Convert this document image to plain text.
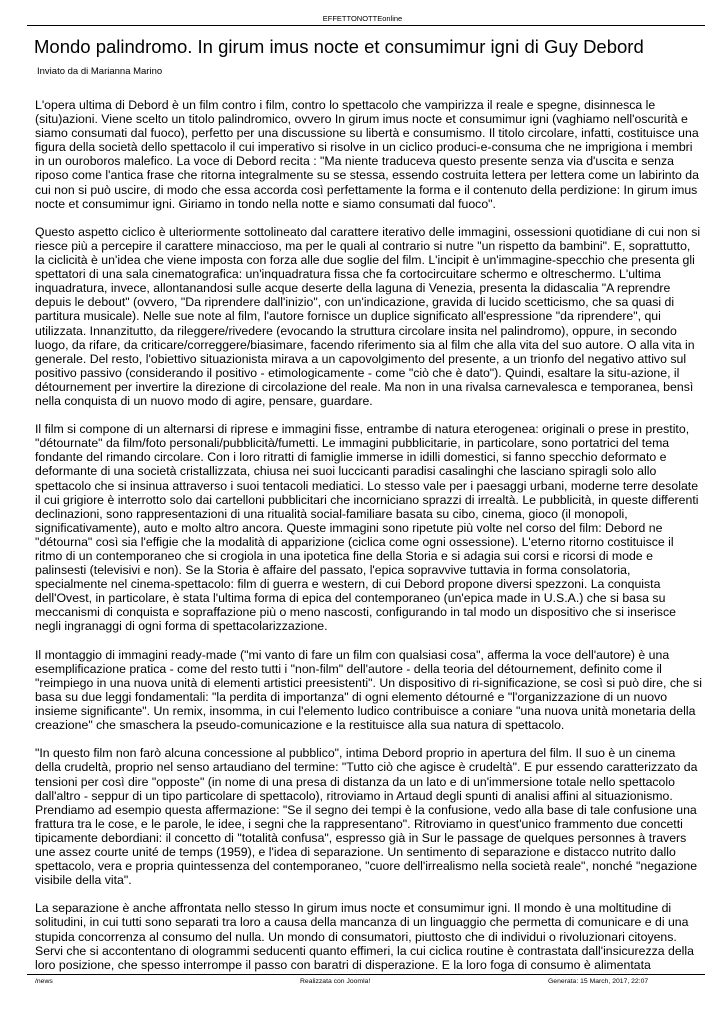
EFFETTONOTTEonline
Mondo palindromo. In girum imus nocte et consumimur igni di Guy Debord
Inviato da di Marianna Marino

L'opera ultima di Debord è un film contro i film, contro lo spettacolo che vampirizza il reale e spegne, disinnesca le (situ)azioni. Viene scelto un titolo palindromico, ovvero In girum imus nocte et consumimur igni (vaghiamo nell'oscurità e siamo consumati dal fuoco), perfetto per una discussione su libertà e consumismo. Il titolo circolare, infatti, costituisce una figura della società dello spettacolo il cui imperativo si risolve in un ciclico produci-e-consuma che ne imprigiona i membri in un ouroboros malefico. La voce di Debord recita : "Ma niente traduceva questo presente senza via d'uscita e senza riposo come l'antica frase che ritorna integralmente su se stessa, essendo costruita lettera per lettera come un labirinto da cui non si può uscire, di modo che essa accorda così perfettamente la forma e il contenuto della perdizione: In girum imus nocte et consumimur igni. Giriamo in tondo nella notte e siamo consumati dal fuoco".

Questo aspetto ciclico è ulteriormente sottolineato dal carattere iterativo delle immagini, ossessioni quotidiane di cui non si riesce più a percepire il carattere minaccioso, ma per le quali al contrario si nutre "un rispetto da bambini". E, soprattutto, la ciclicità è un'idea che viene imposta con forza alle due soglie del film. L'incipit è un'immagine-specchio che presenta gli spettatori di una sala cinematografica: un'inquadratura fissa che fa cortocircuitare schermo e oltreschermo. L'ultima inquadratura, invece, allontanandosi sulle acque deserte della laguna di Venezia, presenta la didascalia "A reprendre depuis le debout" (ovvero, "Da riprendere dall'inizio", con un'indicazione, gravida di lucido scetticismo, che sa quasi di partitura musicale). Nelle sue note al film, l'autore fornisce un duplice significato all'espressione "da riprendere", qui utilizzata. Innanzitutto, da rileggere/rivedere (evocando la struttura circolare insita nel palindromo), oppure, in secondo luogo, da rifare, da criticare/correggere/biasimare, facendo riferimento sia al film che alla vita del suo autore. O alla vita in generale. Del resto, l'obiettivo situazionista mirava a un capovolgimento del presente, a un trionfo del negativo attivo sul positivo passivo (considerando il positivo - etimologicamente - come "ciò che è dato"). Quindi, esaltare la situ-azione, il détournement per invertire la direzione di circolazione del reale. Ma non in una rivalsa carnevalesca e temporanea, bensì nella conquista di un nuovo modo di agire, pensare, guardare.

Il film si compone di un alternarsi di riprese e immagini fisse, entrambe di natura eterogenea: originali o prese in prestito, "détournate" da film/foto personali/pubblicità/fumetti. Le immagini pubblicitarie, in particolare, sono portatrici del tema fondante del rimando circolare. Con i loro ritratti di famiglie immerse in idilli domestici, si fanno specchio deformato e deformante di una società cristallizzata, chiusa nei suoi luccicanti paradisi casalinghi che lasciano spiragli solo allo spettacolo che si insinua attraverso i suoi tentacoli mediatici. Lo stesso vale per i paesaggi urbani, moderne terre desolate il cui grigiore è interrotto solo dai cartelloni pubblicitari che incorniciano sprazzi di irrealtà. Le pubblicità, in queste differenti declinazioni, sono rappresentazioni di una ritualità social-familiare basata su cibo, cinema, gioco (il monopoli, significativamente), auto e molto altro ancora. Queste immagini sono ripetute più volte nel corso del film: Debord ne "détourna" così sia l'effigie che la modalità di apparizione (ciclica come ogni ossessione). L'eterno ritorno costituisce il ritmo di un contemporaneo che si crogiola in una ipotetica fine della Storia e si adagia sui corsi e ricorsi di mode e palinsesti (televisivi e non). Se la Storia è affaire del passato, l'epica sopravvive tuttavia in forma consolatoria, specialmente nel cinema-spettacolo: film di guerra e western, di cui Debord propone diversi spezzoni. La conquista dell'Ovest, in particolare, è stata l'ultima forma di epica del contemporaneo (un'epica made in U.S.A.) che si basa su meccanismi di conquista e sopraffazione più o meno nascosti, configurando in tal modo un dispositivo che si inserisce negli ingranaggi di ogni forma di spettacolarizzazione.

Il montaggio di immagini ready-made ("mi vanto di fare un film con qualsiasi cosa", afferma la voce dell'autore) è una esemplificazione pratica - come del resto tutti i "non-film" dell'autore - della teoria del détournement, definito come il "reimpiego in una nuova unità di elementi artistici preesistenti". Un dispositivo di ri-significazione, se così si può dire, che si basa su due leggi fondamentali: "la perdita di importanza" di ogni elemento détourné e "l'organizzazione di un nuovo insieme significante". Un remix, insomma, in cui l'elemento ludico contribuisce a coniare "una nuova unità monetaria della creazione" che smaschera la pseudo-comunicazione e la restituisce alla sua natura di spettacolo.

"In questo film non farò alcuna concessione al pubblico", intima Debord proprio in apertura del film. Il suo è un cinema della crudeltà, proprio nel senso artaudiano del termine: "Tutto ciò che agisce è crudeltà". E pur essendo caratterizzato da tensioni per così dire "opposte" (in nome di una presa di distanza da un lato e di un'immersione totale nello spettacolo dall'altro - seppur di un tipo particolare di spettacolo), ritroviamo in Artaud degli spunti di analisi affini al situazionismo. Prendiamo ad esempio questa affermazione: "Se il segno dei tempi è la confusione, vedo alla base di tale confusione una frattura tra le cose, e le parole, le idee, i segni che la rappresentano". Ritroviamo in quest'unico frammento due concetti tipicamente debordiani: il concetto di "totalità confusa", espresso già in Sur le passage de quelques personnes à travers une assez courte unité de temps (1959), e l'idea di separazione. Un sentimento di separazione e distacco nutrito dallo spettacolo, vera e propria quintessenza del contemporaneo, "cuore dell'irrealismo nella società reale", nonché "negazione visibile della vita".

La separazione è anche affrontata nello stesso In girum imus nocte et consumimur igni. Il mondo è una moltitudine di solitudini, in cui tutti sono separati tra loro a causa della mancanza di un linguaggio che permetta di comunicare e di una stupida concorrenza al consumo del nulla. Un mondo di consumatori, piuttosto che di individui o rivoluzionari citoyens. Servi che si accontentano di ologrammi seducenti quanto effimeri, la cui ciclica routine è contrastata dall'insicurezza della loro posizione, che spesso interrompe il passo con baratri di disperazione. E la loro foga di consumo è alimentata

/news	Realizzata con Joomla!	Generata: 15 March, 2017, 22:07
